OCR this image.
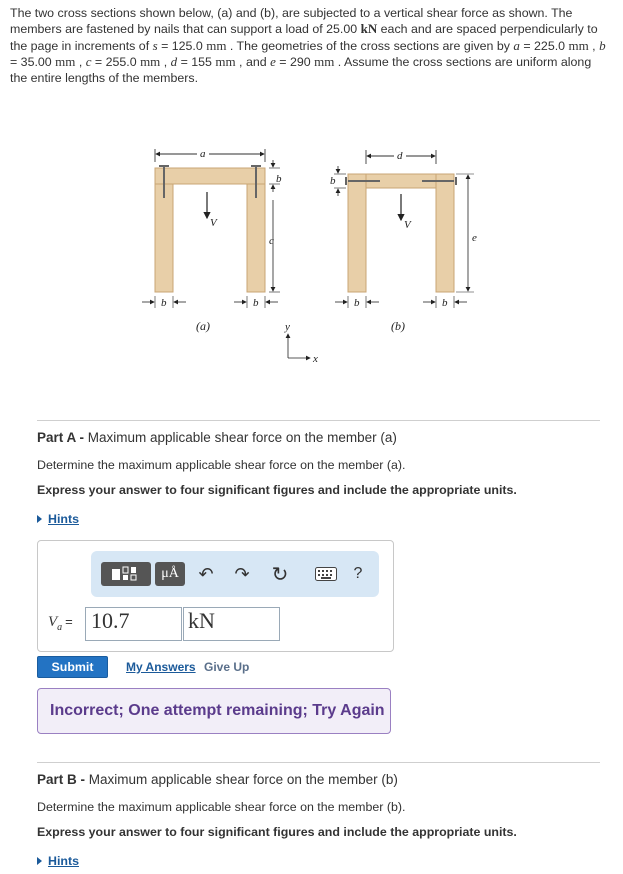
The two cross sections shown below, (a) and (b), are subjected to a vertical shear force as shown. The members are fastened by nails that can support a load of 25.00 kN each and are spaced perpendicularly to the page in increments of s = 125.0 mm . The geometries of the cross sections are given by a = 225.0 mm , b = 35.00 mm , c = 255.0 mm , d = 155 mm , and e = 290 mm . Assume the cross sections are uniform along the entire lengths of the members.
a
V
b
c
b	b
(a)	y
x
d
b
V
e
b	b
(b)
Part A - Maximum applicable shear force on the member (a)
Determine the maximum applicable shear force on the member (a).
Express your answer to four significant figures and include the appropriate units.
Hints
μÅ	↶ ↷ ↻	?
$V_a = 10.7$	kN
Submit	My Answers Give Up
Incorrect; One attempt remaining; Try Again
Part B - Maximum applicable shear force on the member (b)
Determine the maximum applicable shear force on the member (b).
Express your answer to four significant figures and include the appropriate units.
Hints
